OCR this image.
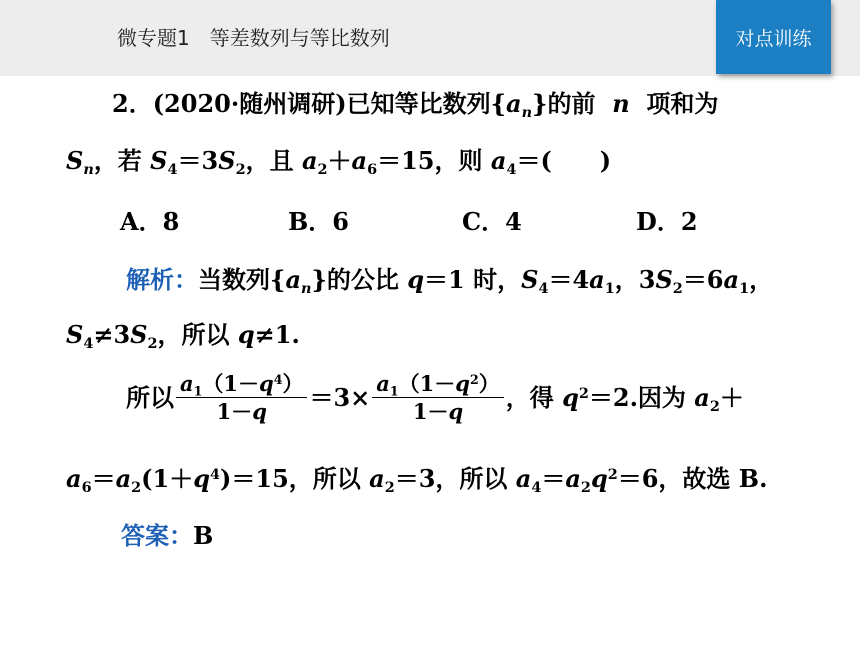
微专题1　等差数列与等比数列	对点训练
2．(2020·随州调研)已知等比数列$\{a_n\}$的前 n 项和为
$S_n$，若 $S_4=3S_2$，且 $a_2+a_6=15$，则 $a_4=$(　　)
A．8	B．6	C．4	D．2
解析：当数列$\{a_n\}$的公比 q＝1 时，$S_4=4a_1$，$3S_2=6a_1$，
$S_4\ne 3S_2$，所以 q≠1.
所以 $\frac{a_1(1-q^4)}{1-q} =3\times \frac{a_1(1-q^2)}{1-q}$ ，得 $q^2=2$.因为 $a_2+$
$a_6=a_2(1+q^4)=15$，所以 $a_2=3$，所以 $a_4=a_2q^2=6$，故选 B.
答案：B
